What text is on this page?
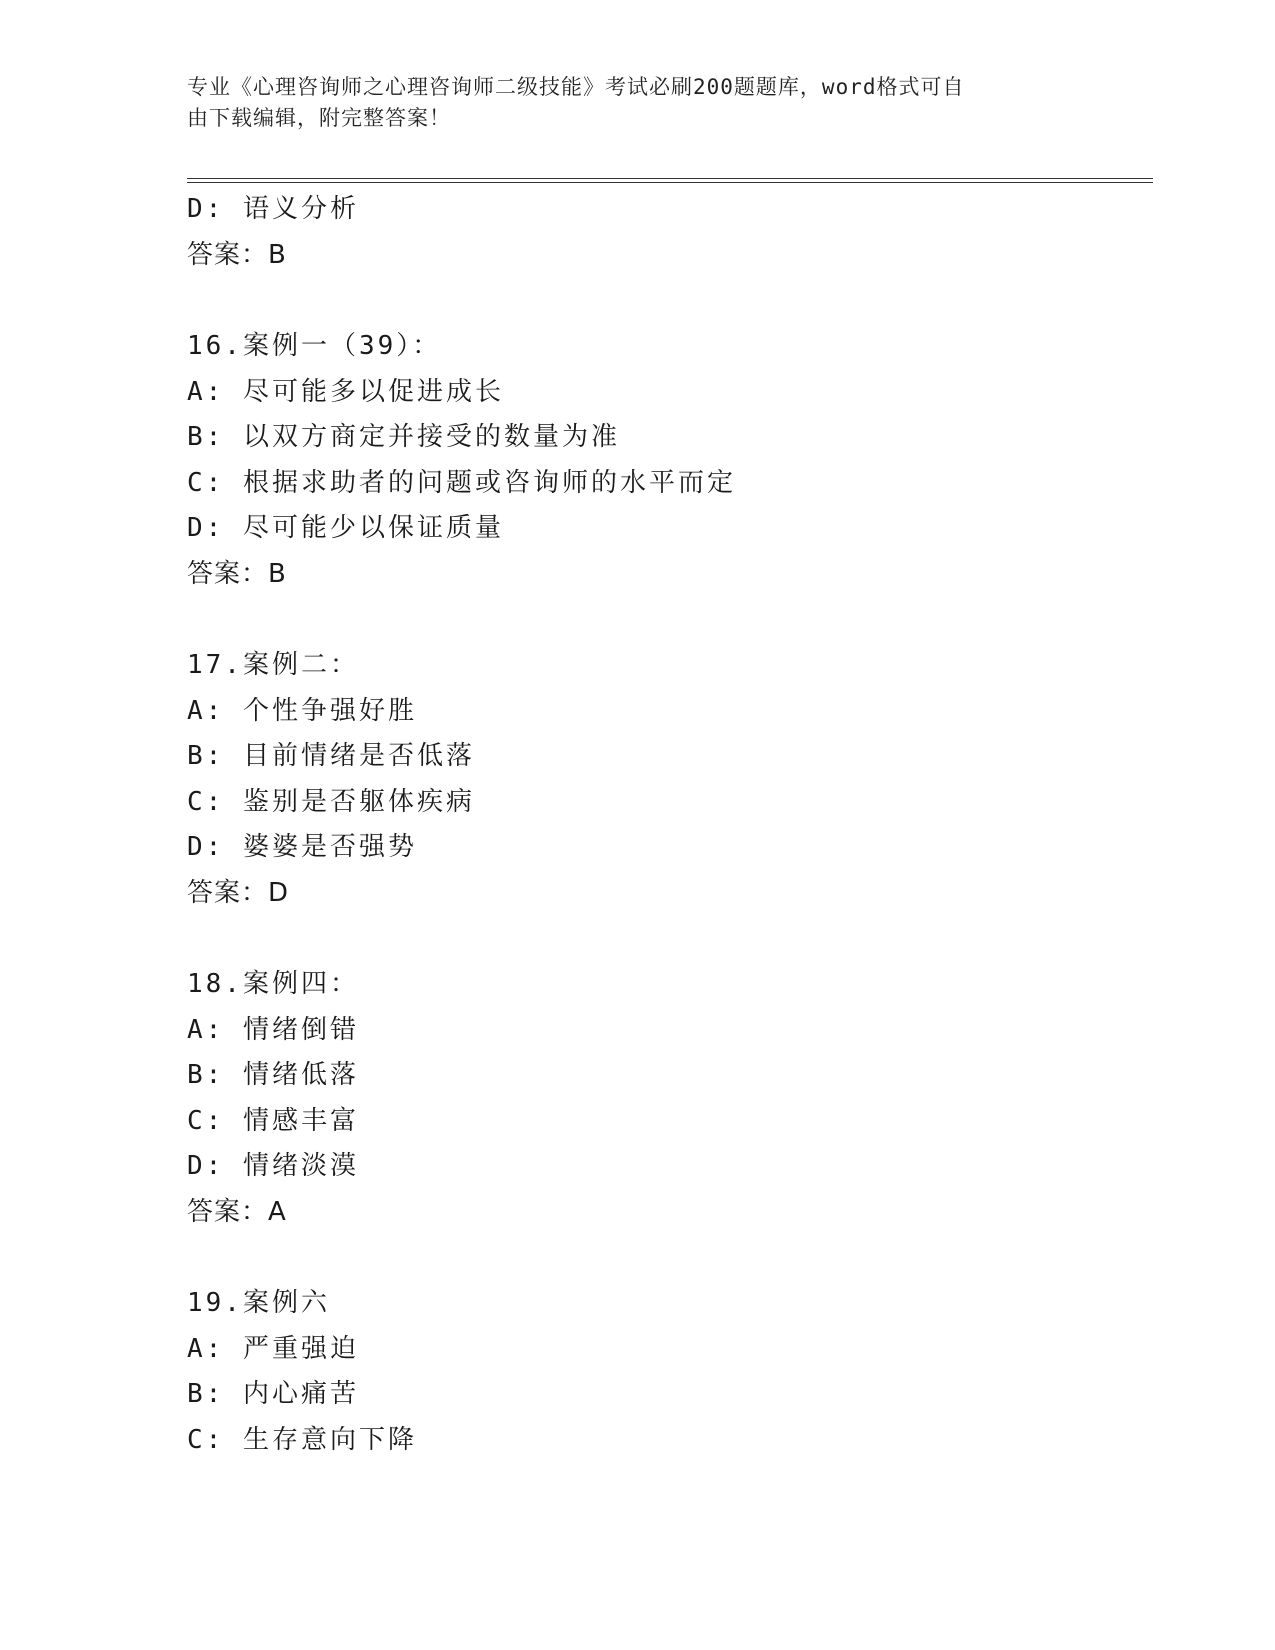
专业《心理咨询师之心理咨询师二级技能》考试必刷200题题库，word格式可自
由下载编辑，附完整答案！
D: 语义分析
答案：B
16.案例一（39）：
A: 尽可能多以促进成长
B: 以双方商定并接受的数量为准
C: 根据求助者的问题或咨询师的水平而定
D: 尽可能少以保证质量
答案：B
17.案例二：
A: 个性争强好胜
B: 目前情绪是否低落
C: 鉴别是否躯体疾病
D: 婆婆是否强势
答案：D
18.案例四：
A: 情绪倒错
B: 情绪低落
C: 情感丰富
D: 情绪淡漠
答案：A
19.案例六
A: 严重强迫
B: 内心痛苦
C: 生存意向下降
